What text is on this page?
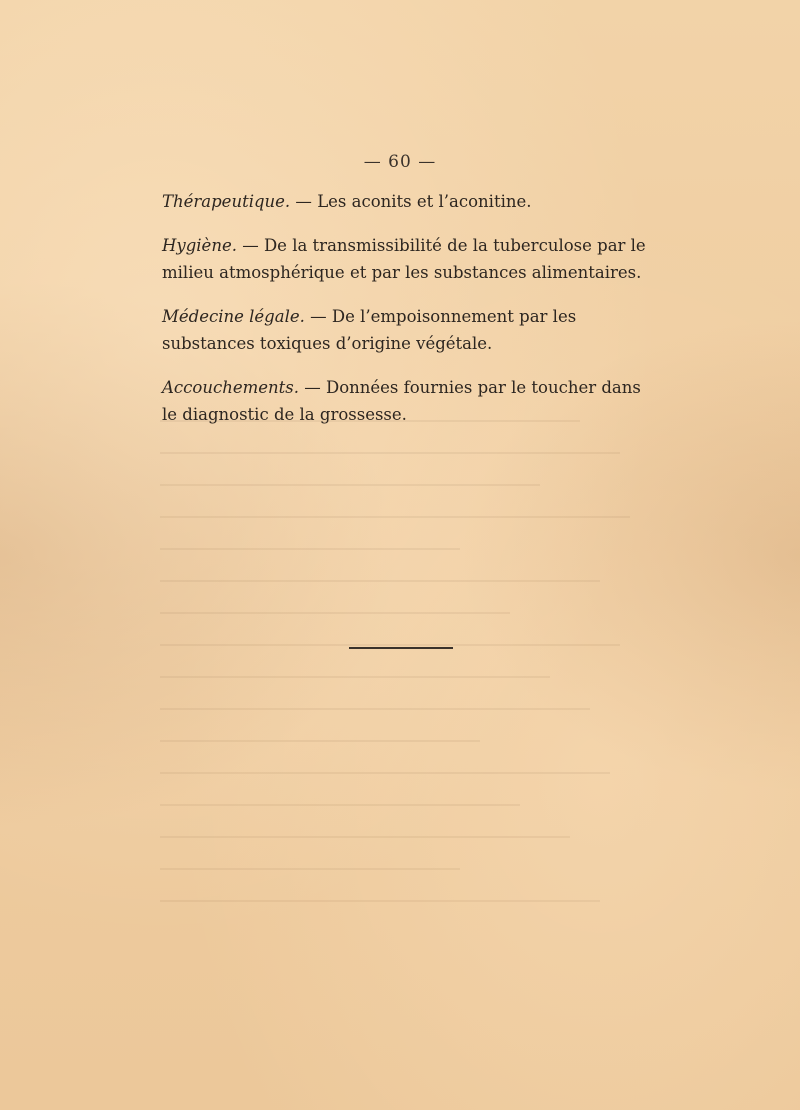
— 60 —

Thérapeutique. — Les aconits et l’aconitine.

Hygiène. — De la transmissibilité de la tuberculose par le milieu atmosphérique et par les substances alimentaires.

Médecine légale. — De l’empoisonnement par les substances toxiques d’origine végétale.

Accouchements. — Données fournies par le toucher dans le diagnostic de la grossesse.
